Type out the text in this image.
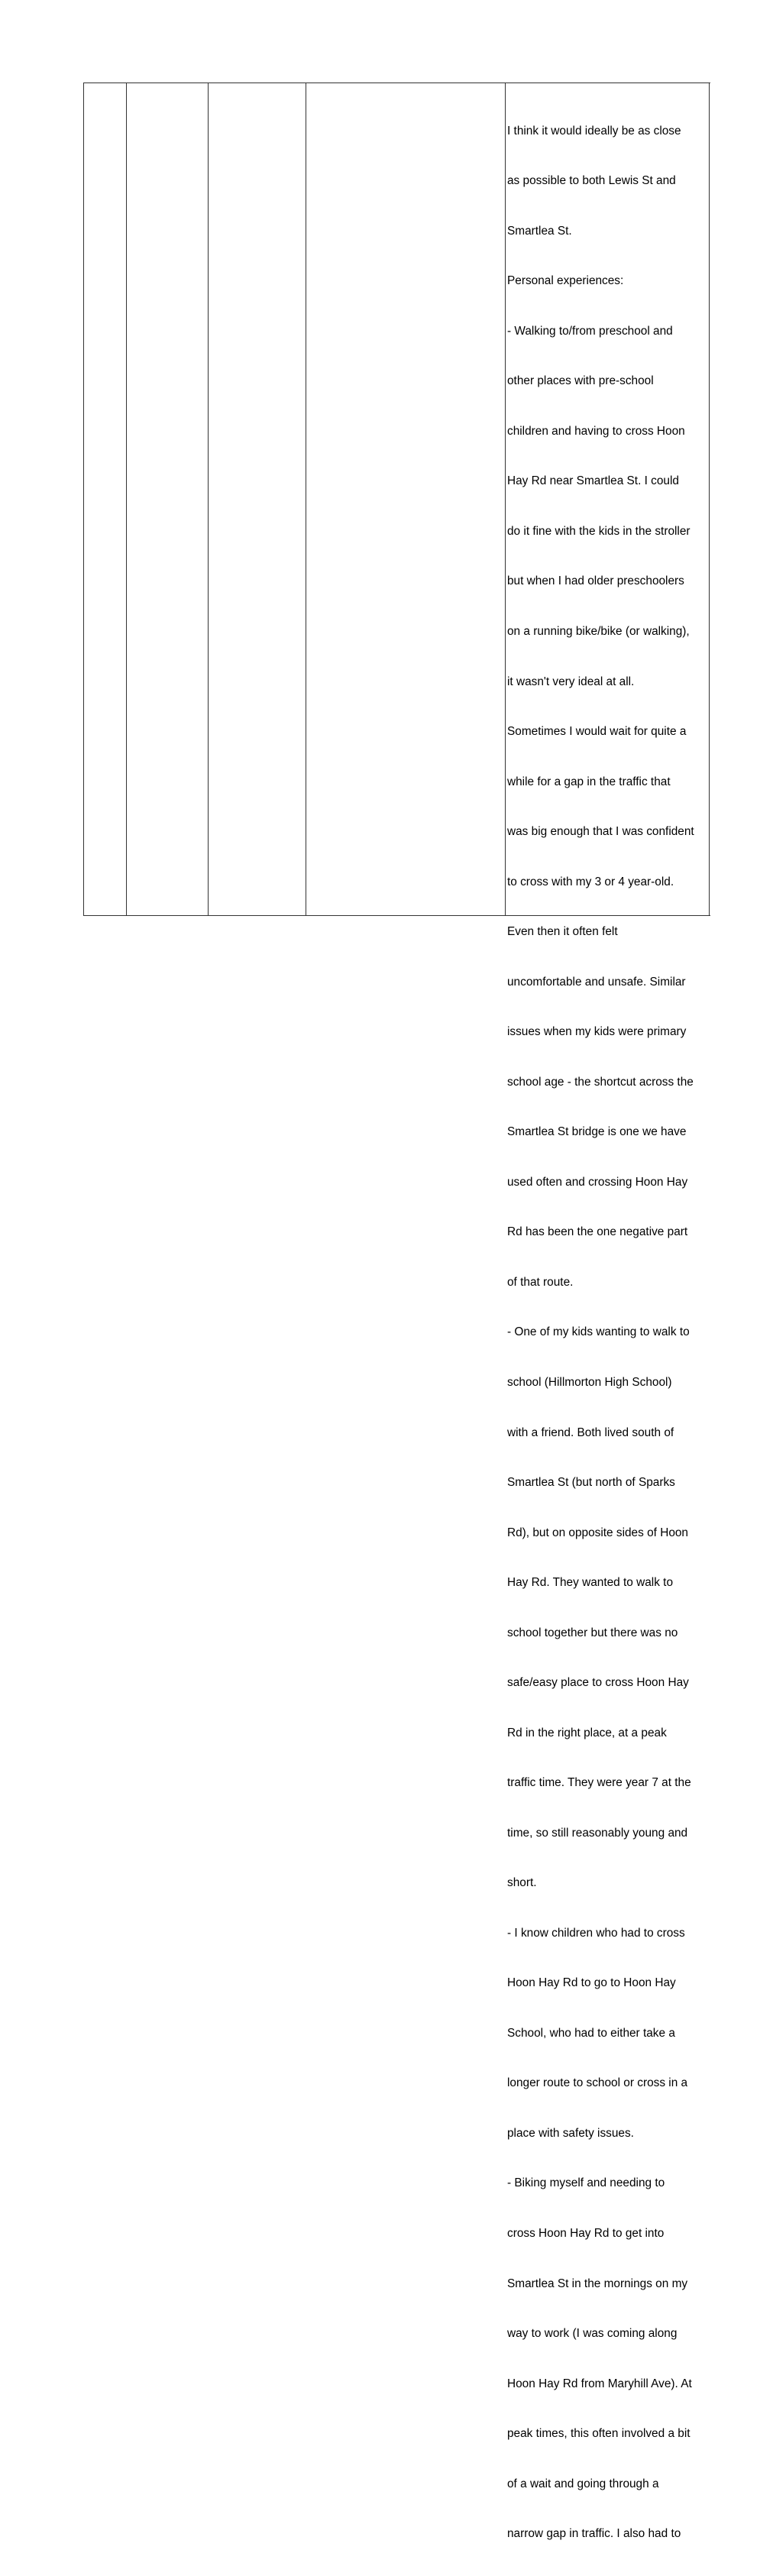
I think it would ideally be as close

as possible to both Lewis St and

Smartlea St.

Personal experiences:

- Walking to/from preschool and

other places with pre-school

children and having to cross Hoon

Hay Rd near Smartlea St. I could

do it fine with the kids in the stroller

but when I had older preschoolers

on a running bike/bike (or walking),

it wasn't very ideal at all.

Sometimes I would wait for quite a

while for a gap in the traffic that

was big enough that I was confident

to cross with my 3 or 4 year-old.

Even then it often felt

uncomfortable and unsafe. Similar

issues when my kids were primary

school age - the shortcut across the

Smartlea St bridge is one we have

used often and crossing Hoon Hay

Rd has been the one negative part

of that route.

- One of my kids wanting to walk to

school (Hillmorton High School)

with a friend. Both lived south of

Smartlea St (but north of Sparks

Rd), but on opposite sides of Hoon

Hay Rd. They wanted to walk to

school together but there was no

safe/easy place to cross Hoon Hay

Rd in the right place, at a peak

traffic time. They were year 7 at the

time, so still reasonably young and

short.

- I know children who had to cross

Hoon Hay Rd to go to Hoon Hay

School, who had to either take a

longer route to school or cross in a

place with safety issues.

- Biking myself and needing to

cross Hoon Hay Rd to get into

Smartlea St in the mornings on my

way to work (I was coming along

Hoon Hay Rd from Maryhill Ave). At

peak times, this often involved a bit

of a wait and going through a

narrow gap in traffic. I also had to
